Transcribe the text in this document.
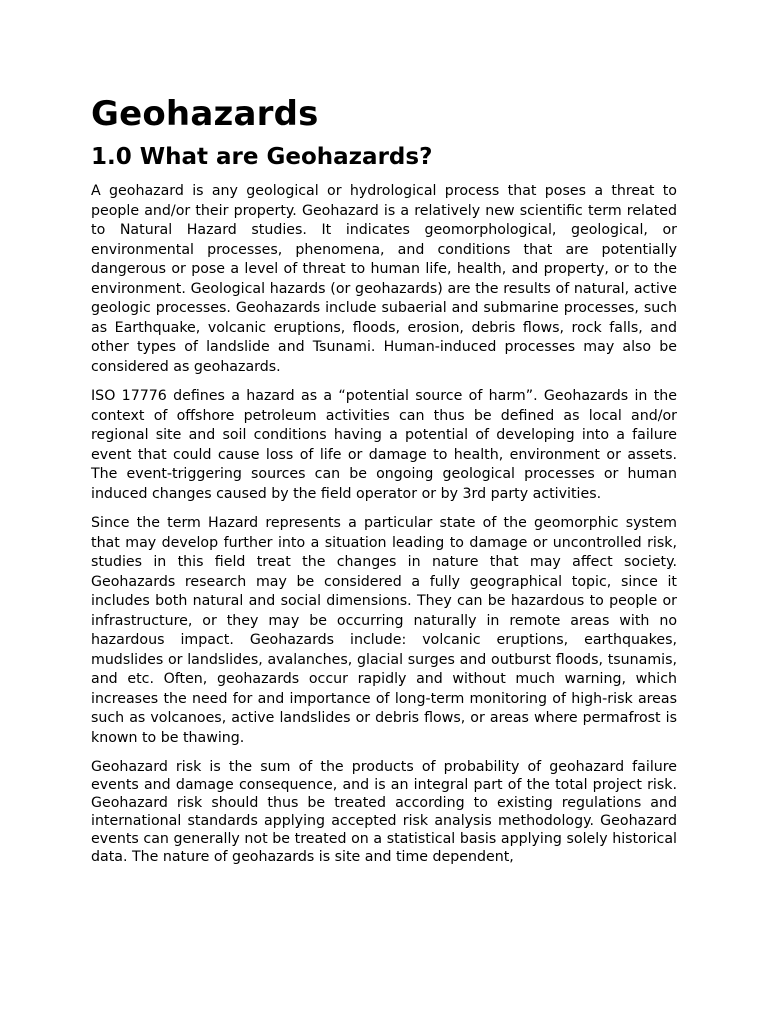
Geohazards
1.0 What are Geohazards?

A geohazard is any geological or hydrological process that poses a threat to people and/or their property. Geohazard is a relatively new scientific term related to Natural Hazard studies. It indicates geomorphological, geological, or environmental processes, phenomena, and conditions that are potentially dangerous or pose a level of threat to human life, health, and property, or to the environment. Geological hazards (or geohazards) are the results of natural, active geologic processes. Geohazards include subaerial and submarine processes, such as Earthquake, volcanic eruptions, floods, erosion, debris flows, rock falls, and other types of landslide and Tsunami. Human-induced processes may also be considered as geohazards.

ISO 17776 defines a hazard as a “potential source of harm”. Geohazards in the context of offshore petroleum activities can thus be defined as local and/or regional site and soil conditions having a potential of developing into a failure event that could cause loss of life or damage to health, environment or assets. The event-triggering sources can be ongoing geological processes or human induced changes caused by the field operator or by 3rd party activities.

Since the term Hazard represents a particular state of the geomorphic system that may develop further into a situation leading to damage or uncontrolled risk, studies in this field treat the changes in nature that may affect society. Geohazards research may be considered a fully geographical topic, since it includes both natural and social dimensions. They can be hazardous to people or infrastructure, or they may be occurring naturally in remote areas with no hazardous impact. Geohazards include: volcanic eruptions, earthquakes, mudslides or landslides, avalanches, glacial surges and outburst floods, tsunamis, and etc. Often, geohazards occur rapidly and without much warning, which increases the need for and importance of long-term monitoring of high-risk areas such as volcanoes, active landslides or debris flows, or areas where permafrost is known to be thawing.

Geohazard risk is the sum of the products of probability of geohazard failure events and damage consequence, and is an integral part of the total project risk. Geohazard risk should thus be treated according to existing regulations and international standards applying accepted risk analysis methodology. Geohazard events can generally not be treated on a statistical basis applying solely historical data. The nature of geohazards is site and time dependent,
